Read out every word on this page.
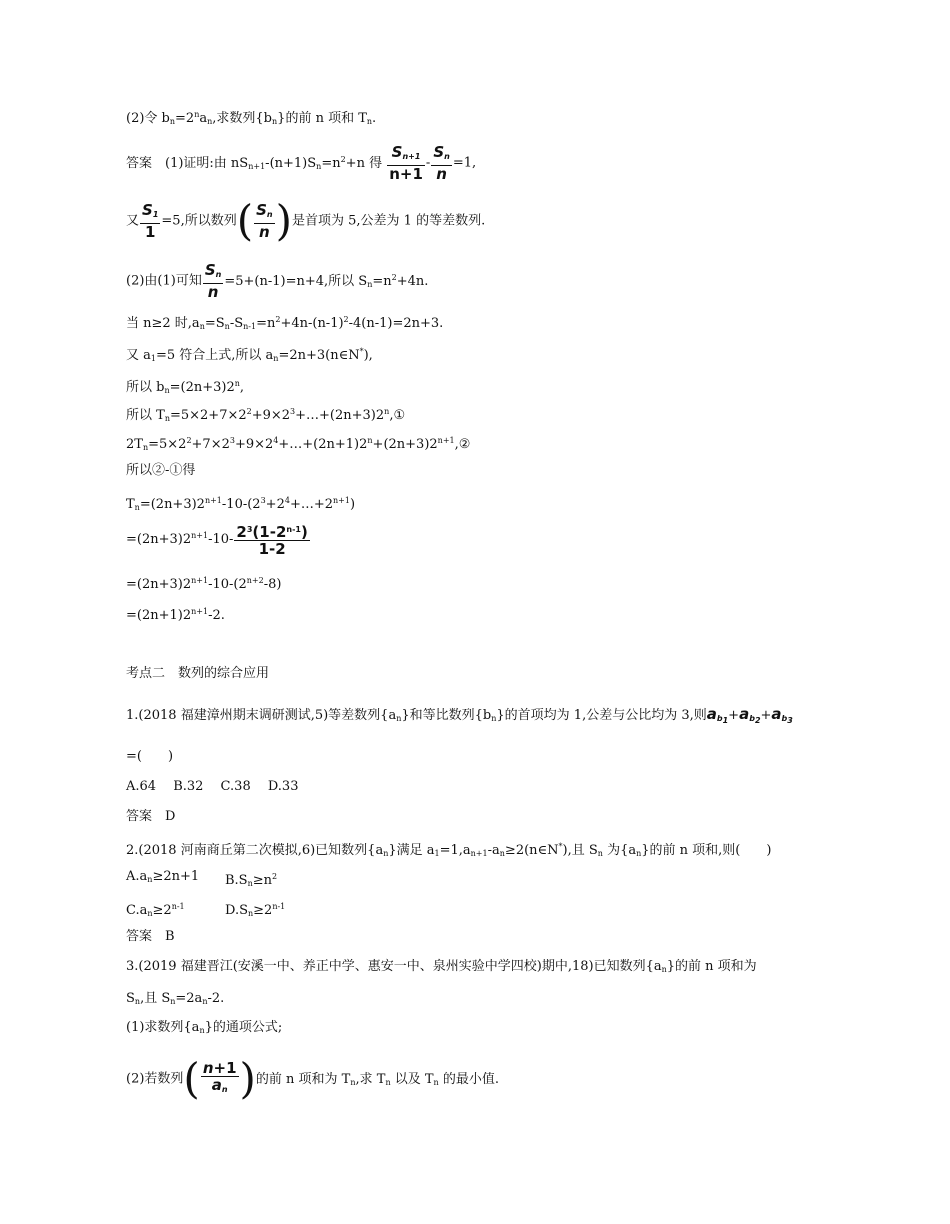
(2)令 $b_n=2^na_n$,求数列$\{b_n\}$的前 n 项和 $T_n$.
答案　(1)证明:由 $nS_{n+1}-(n+1)S_n=n^2+n$ 得 $\frac{S_{n+1}}{n+1} - \frac{S_n}{n} =1$,
又 $\frac{S_1}{1} =5$,所以数列( $\frac{S_n}{n}$ )是首项为 5,公差为 1 的等差数列.
(2)由(1)可知 $\frac{S_n}{n} =5+(n-1)=n+4$,所以 $S_n=n^2+4n$.
当 n≥2 时$,a_n=S_n-S_{n-1}=n^2+4n-(n-1)^2-4(n-1)=2n+3$.
又 $a_1=5$ 符合上式,所以 $a_n=2n+3(n\in N^*)$,
所以 $b_n=(2n+3)2^n$,
所以 $T_n=5\times 2+7\times 2^2+9\times 2^3+\dots+(2n+3)2^n,①$
$2T_n=5\times 2^2+7\times 2^3+9\times 2^4+\dots+(2n+1)2^n+(2n+3)2^{n+1},②$
所以②-①得
$T_n=(2n+3)2^{n+1}-10-(2^3+2^4+\dots+2^{n+1})$
$=(2n+3)2^{n+1}-10- \frac{2^3(1-2^{n-1})}{1-2}$
$=(2n+3)2^{n+1}-10-(2^{n+2}-8)$
$=(2n+1)2^{n+1}-2$.
考点二　数列的综合应用
1.(2018 福建漳州期末调研测试,5)等差数列$\{a_n\}$和等比数列$\{b_n\}$的首项均为 1,公差与公比均为 3,则$a_{b_1}+a_{b_2}+a_{b_3}$
=(　　)
A.64　 B.32　 C.38　 D.33
答案　D
2.(2018 河南商丘第二次模拟,6)已知数列$\{a_n\}$满足 $a_1=1,a_{n+1}-a_n\ge 2(n\in N^*)$,且 $S_n$ 为$\{a_n\}$的前 n 项和,则(　　)
$A.a_n\ge 2n+1$ $B.S_n\ge n^2$
$C.a_n\ge 2^{n-1}$	$D.S_n\ge 2^{n-1}$
答案　B
3.(2019 福建晋江(安溪一中、养正中学、惠安一中、泉州实验中学四校)期中,18)已知数列$\{a_n\}$的前 n 项和为
$S_n$,且 $S_n=2a_n-2$.
(1)求数列$\{a_n\}$的通项公式;
(2)若数列( $\frac{n+1}{a_n}$ )的前 n 项和为 $T_n$,求 $T_n$ 以及 $T_n$ 的最小值.
